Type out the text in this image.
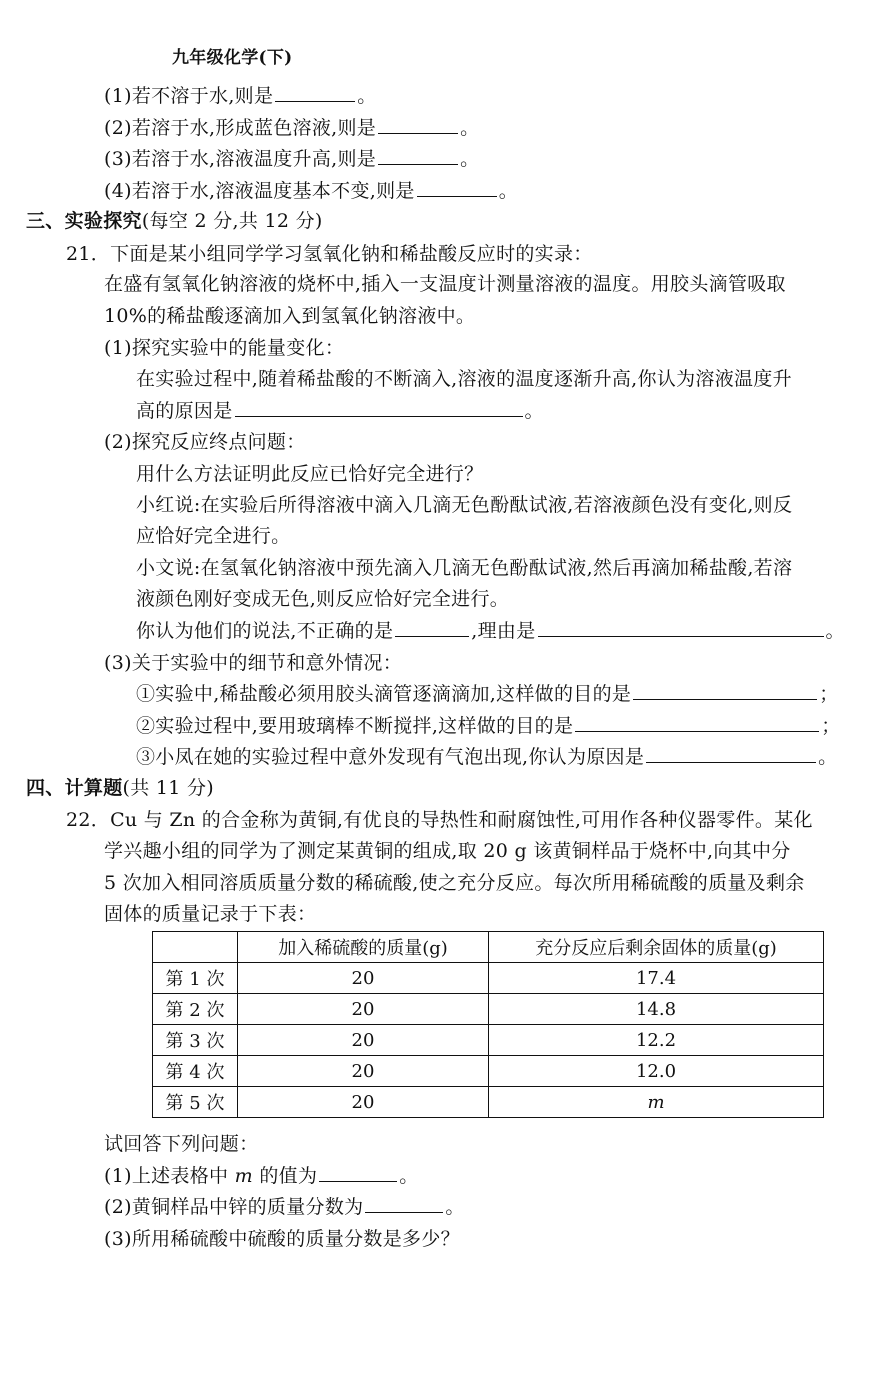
九年级化学(下)
(1)若不溶于水,则是	。
(2)若溶于水,形成蓝色溶液,则是	。
(3)若溶于水,溶液温度升高,则是	。
(4)若溶于水,溶液温度基本不变,则是	。
三、实验探究(每空 2 分,共 12 分)
21．下面是某小组同学学习氢氧化钠和稀盐酸反应时的实录：
在盛有氢氧化钠溶液的烧杯中,插入一支温度计测量溶液的温度。用胶头滴管吸取
10%的稀盐酸逐滴加入到氢氧化钠溶液中。
(1)探究实验中的能量变化：
在实验过程中,随着稀盐酸的不断滴入,溶液的温度逐渐升高,你认为溶液温度升
高的原因是	。
(2)探究反应终点问题：
用什么方法证明此反应已恰好完全进行？
小红说:在实验后所得溶液中滴入几滴无色酚酞试液,若溶液颜色没有变化,则反
应恰好完全进行。
小文说:在氢氧化钠溶液中预先滴入几滴无色酚酞试液,然后再滴加稀盐酸,若溶
液颜色刚好变成无色,则反应恰好完全进行。
你认为他们的说法,不正确的是	,理由是	。
(3)关于实验中的细节和意外情况：
①实验中,稀盐酸必须用胶头滴管逐滴滴加,这样做的目的是	；
②实验过程中,要用玻璃棒不断搅拌,这样做的目的是	；
③小凤在她的实验过程中意外发现有气泡出现,你认为原因是	。
四、计算题(共 11 分)
22．Cu 与 Zn 的合金称为黄铜,有优良的导热性和耐腐蚀性,可用作各种仪器零件。某化
学兴趣小组的同学为了测定某黄铜的组成,取 20 g 该黄铜样品于烧杯中,向其中分
5 次加入相同溶质质量分数的稀硫酸,使之充分反应。每次所用稀硫酸的质量及剩余
固体的质量记录于下表：
	加入稀硫酸的质量(g)	充分反应后剩余固体的质量(g)
第 1 次	20	17.4
第 2 次	20	14.8
第 3 次	20	12.2
第 4 次	20	12.0
第 5 次	20	m
试回答下列问题：
(1)上述表格中 m 的值为	。
(2)黄铜样品中锌的质量分数为	。
(3)所用稀硫酸中硫酸的质量分数是多少？
